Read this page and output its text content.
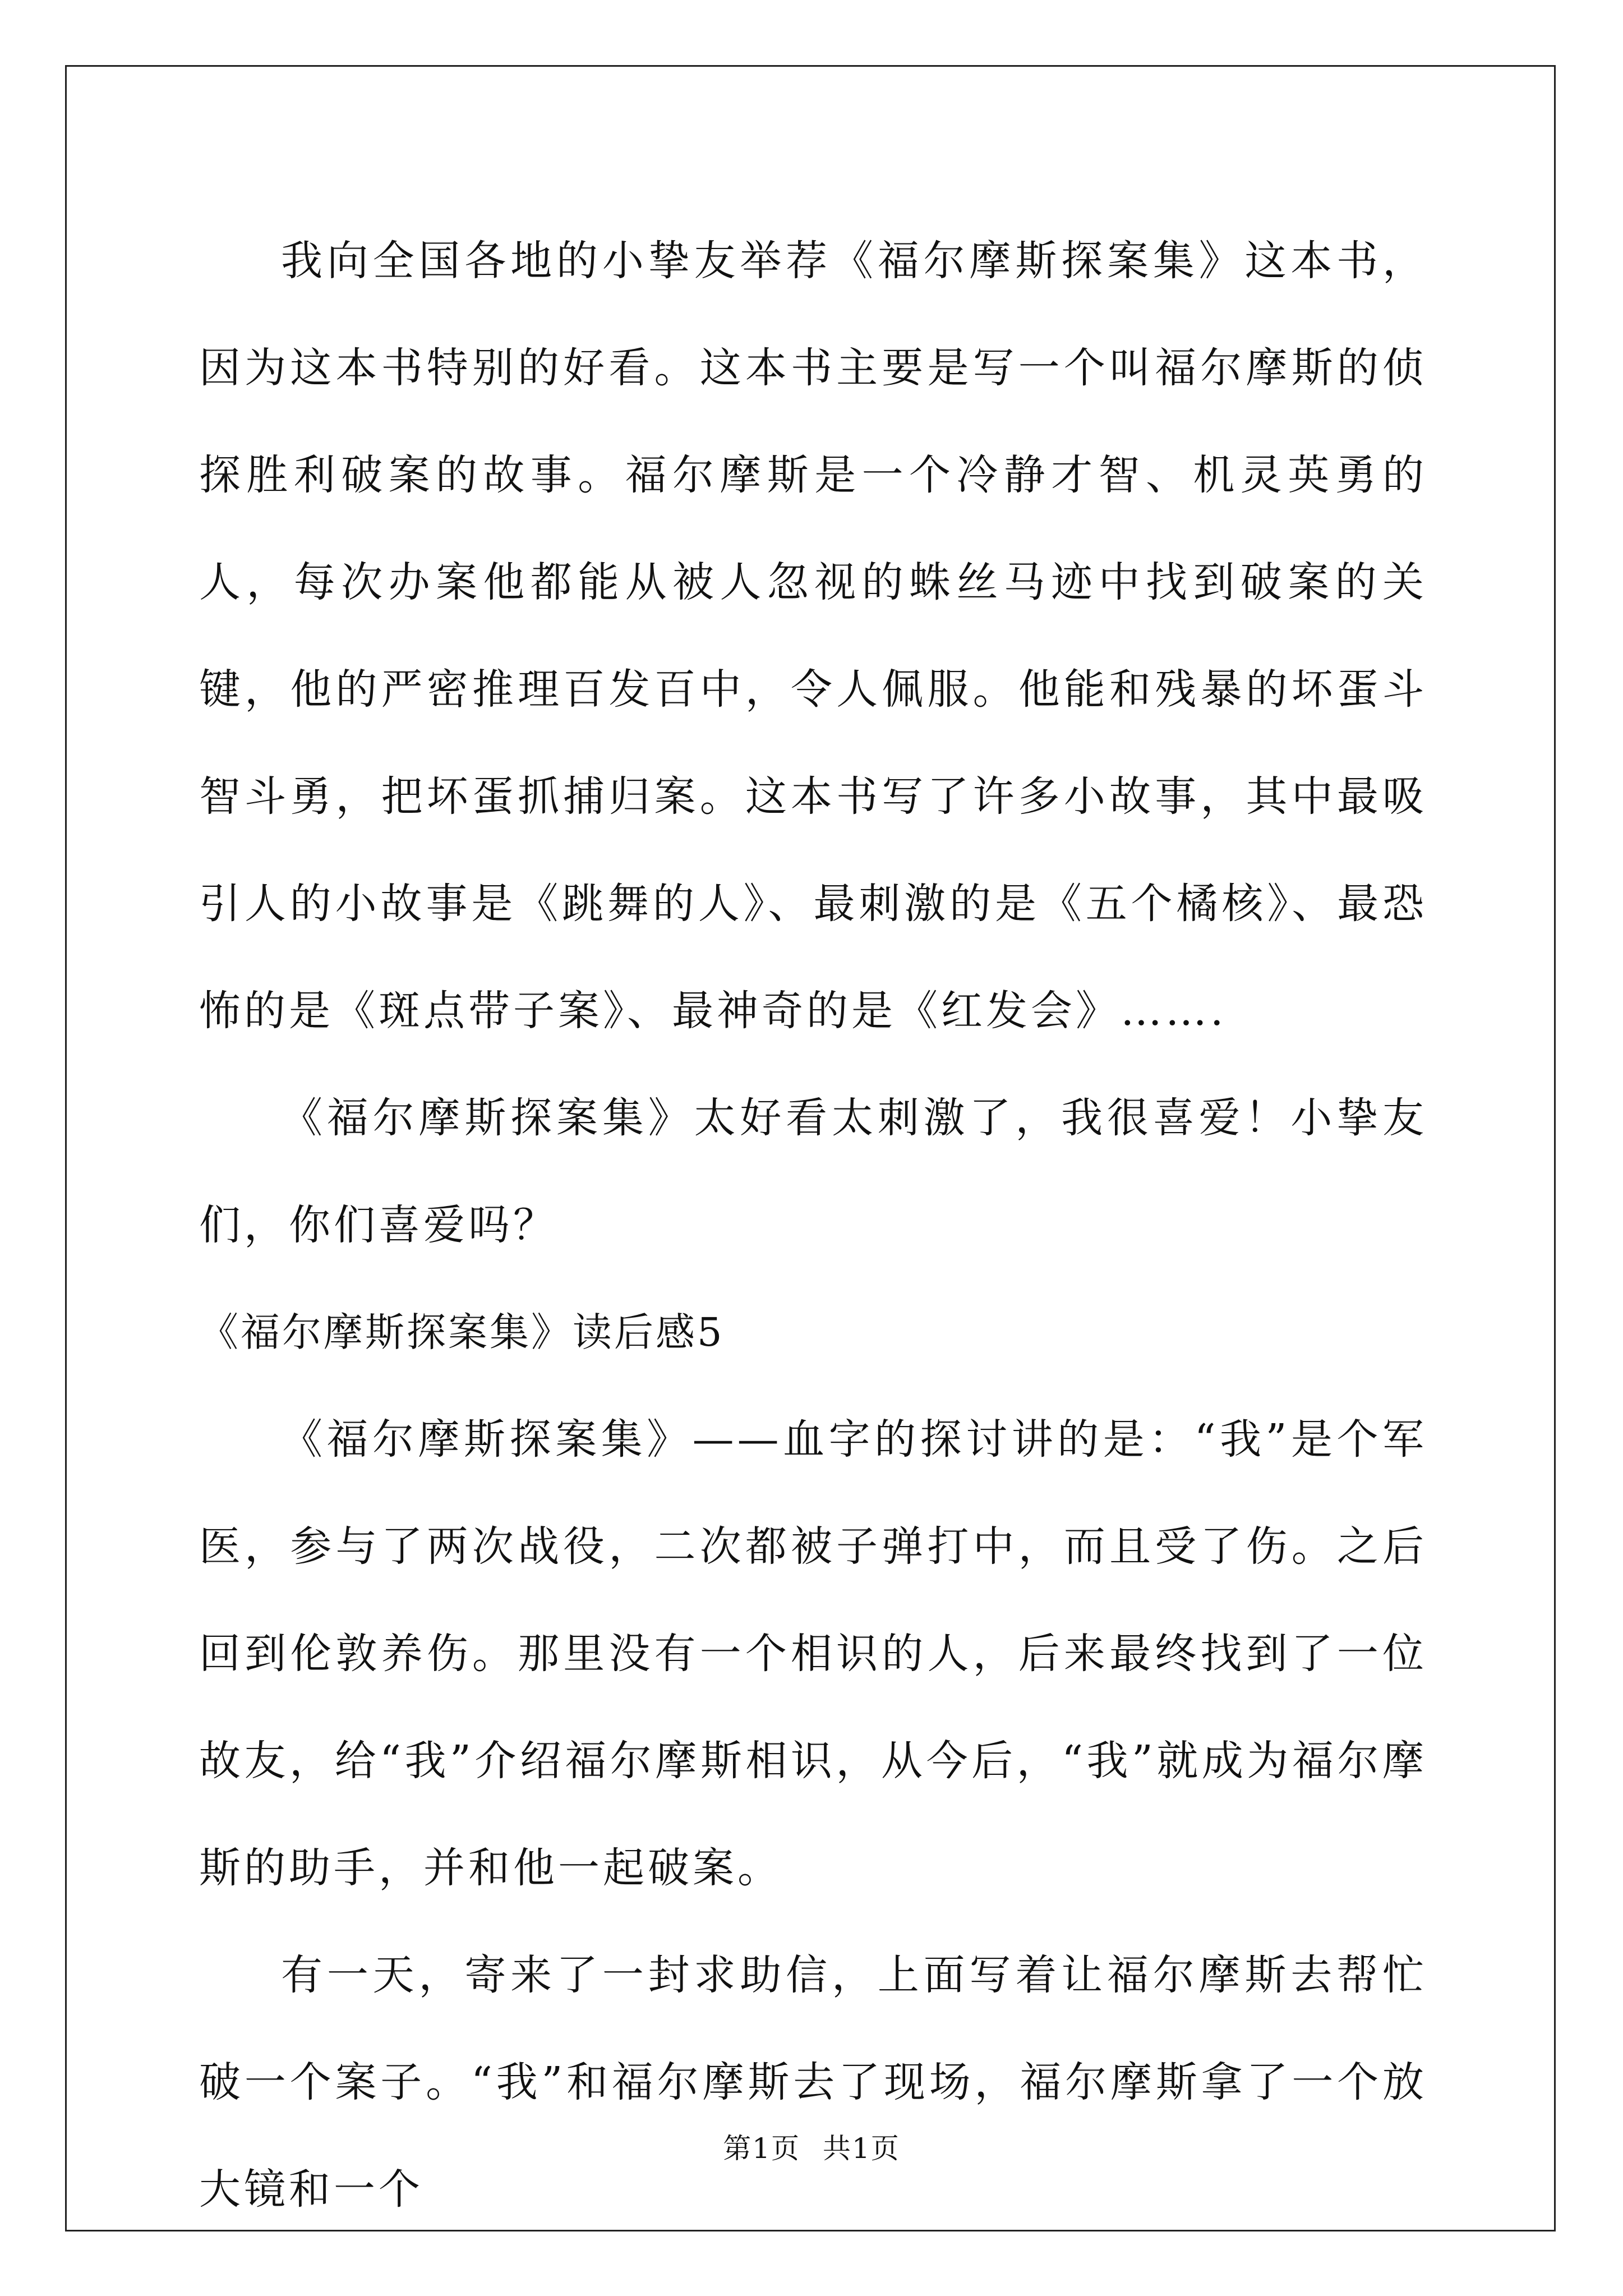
我向全国各地的小挚友举荐《福尔摩斯探案集》这本书，因为这本书特别的好看。这本书主要是写一个叫福尔摩斯的侦探胜利破案的故事。福尔摩斯是一个冷静才智、机灵英勇的人，每次办案他都能从被人忽视的蛛丝马迹中找到破案的关键，他的严密推理百发百中，令人佩服。他能和残暴的坏蛋斗智斗勇，把坏蛋抓捕归案。这本书写了许多小故事，其中最吸引人的小故事是《跳舞的人》、最刺激的是《五个橘核》、最恐怖的是《斑点带子案》、最神奇的是《红发会》…….

《福尔摩斯探案集》太好看太刺激了，我很喜爱！小挚友们，你们喜爱吗？

《福尔摩斯探案集》读后感5

《福尔摩斯探案集》——血字的探讨讲的是：“我”是个军医，参与了两次战役，二次都被子弹打中，而且受了伤。之后回到伦敦养伤。那里没有一个相识的人，后来最终找到了一位故友，给“我”介绍福尔摩斯相识，从今后，“我”就成为福尔摩斯的助手，并和他一起破案。

有一天，寄来了一封求助信，上面写着让福尔摩斯去帮忙破一个案子。“我”和福尔摩斯去了现场，福尔摩斯拿了一个放大镜和一个

第1页 共1页
